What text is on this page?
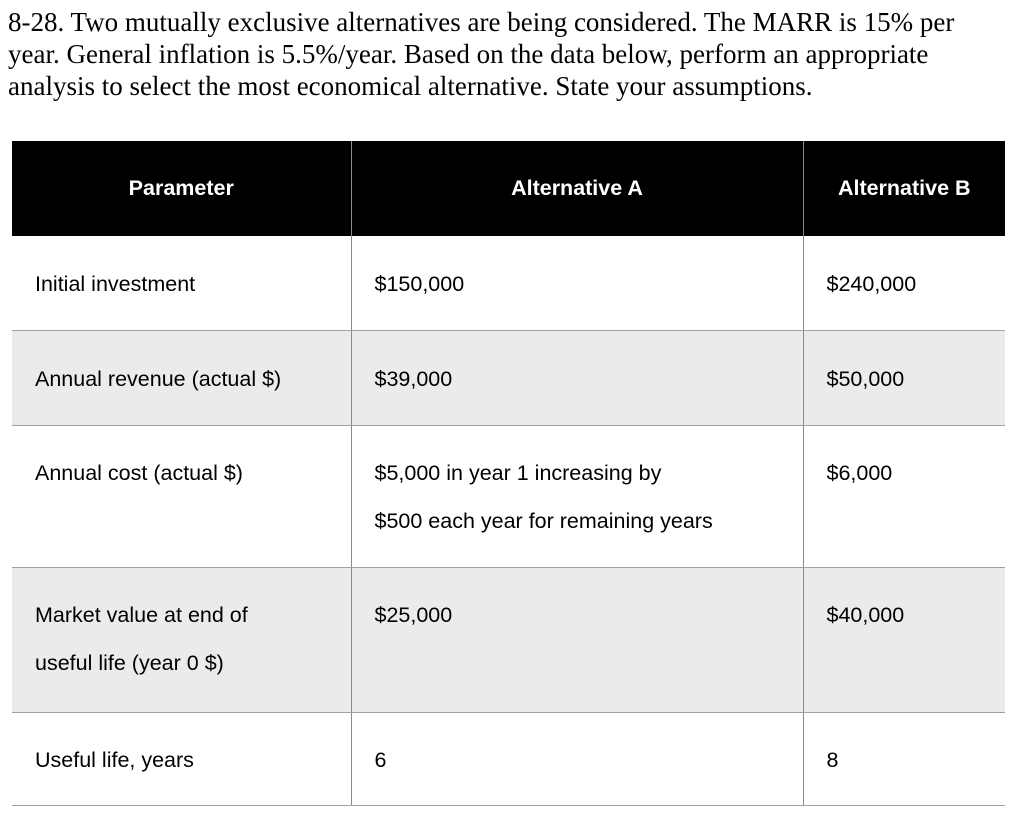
8-28. Two mutually exclusive alternatives are being considered. The MARR is 15% per
year. General inflation is 5.5%/year. Based on the data below, perform an appropriate
analysis to select the most economical alternative. State your assumptions.

Parameter	Alternative A	Alternative B

Initial investment	$150,000	$240,000

Annual revenue (actual $)	$39,000	$50,000

Annual cost (actual $)	$5,000 in year 1 increasing by
$500 each year for remaining years	$6,000

Market value at end of
useful life (year 0 $)	$25,000	$40,000

Useful life, years	6	8
